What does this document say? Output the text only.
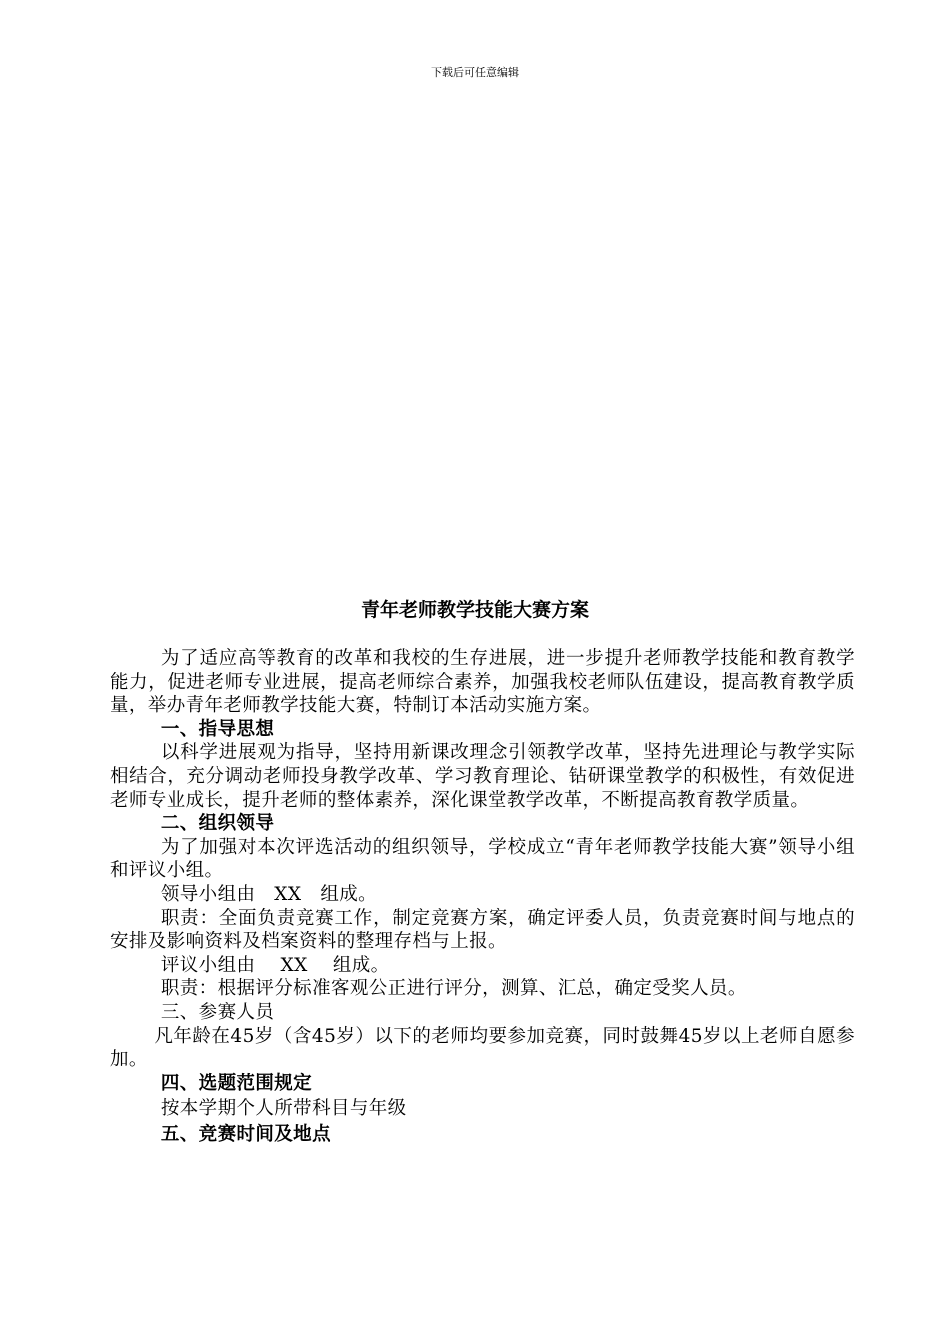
下载后可任意编辑
青年老师教学技能大赛方案

为了适应高等教育的改革和我校的生存进展，进一步提升老师教学技能和教育教学能力，促进老师专业进展，提高老师综合素养，加强我校老师队伍建设，提高教育教学质量，举办青年老师教学技能大赛，特制订本活动实施方案。

一、指导思想

以科学进展观为指导，坚持用新课改理念引领教学改革，坚持先进理论与教学实际相结合，充分调动老师投身教学改革、学习教育理论、钻研课堂教学的积极性，有效促进老师专业成长，提升老师的整体素养，深化课堂教学改革，不断提高教育教学质量。

二、组织领导

为了加强对本次评选活动的组织领导，学校成立“青年老师教学技能大赛”领导小组和评议小组。

领导小组由　XX　组成。

职责：全面负责竞赛工作，制定竞赛方案，确定评委人员，负责竞赛时间与地点的安排及影响资料及档案资料的整理存档与上报。

评议小组由　 XX　 组成。

职责：根据评分标准客观公正进行评分，测算、汇总，确定受奖人员。

三、参赛人员

凡年龄在45岁（含45岁）以下的老师均要参加竞赛，同时鼓舞45岁以上老师自愿参加。

四、选题范围规定

按本学期个人所带科目与年级

五、竞赛时间及地点
